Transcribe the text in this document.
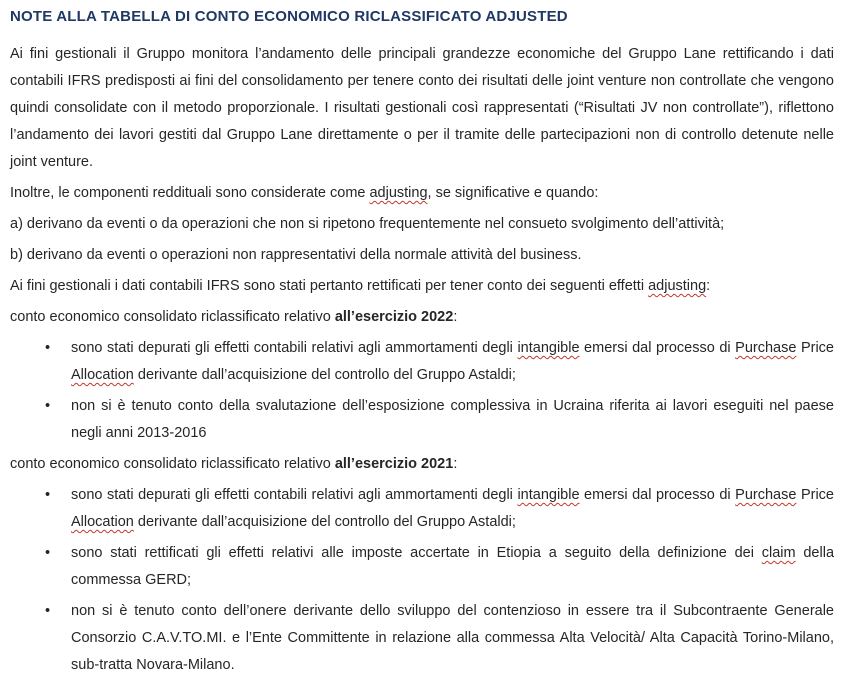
NOTE ALLA TABELLA DI CONTO ECONOMICO RICLASSIFICATO ADJUSTED

Ai fini gestionali il Gruppo monitora l’andamento delle principali grandezze economiche del Gruppo Lane rettificando i dati contabili IFRS predisposti ai fini del consolidamento per tenere conto dei risultati delle joint venture non controllate che vengono quindi consolidate con il metodo proporzionale. I risultati gestionali così rappresentati (“Risultati JV non controllate”), riflettono l’andamento dei lavori gestiti dal Gruppo Lane direttamente o per il tramite delle partecipazioni non di controllo detenute nelle joint venture.

Inoltre, le componenti reddituali sono considerate come adjusting, se significative e quando:

a) derivano da eventi o da operazioni che non si ripetono frequentemente nel consueto svolgimento dell’attività;

b) derivano da eventi o operazioni non rappresentativi della normale attività del business.

Ai fini gestionali i dati contabili IFRS sono stati pertanto rettificati per tener conto dei seguenti effetti adjusting:

conto economico consolidato riclassificato relativo all’esercizio 2022:

• sono stati depurati gli effetti contabili relativi agli ammortamenti degli intangible emersi dal processo di Purchase Price Allocation derivante dall’acquisizione del controllo del Gruppo Astaldi;
• non si è tenuto conto della svalutazione dell’esposizione complessiva in Ucraina riferita ai lavori eseguiti nel paese negli anni 2013-2016

conto economico consolidato riclassificato relativo all’esercizio 2021:

• sono stati depurati gli effetti contabili relativi agli ammortamenti degli intangible emersi dal processo di Purchase Price Allocation derivante dall’acquisizione del controllo del Gruppo Astaldi;
• sono stati rettificati gli effetti relativi alle imposte accertate in Etiopia a seguito della definizione dei claim della commessa GERD;
• non si è tenuto conto dell’onere derivante dello sviluppo del contenzioso in essere tra il Subcontraente Generale Consorzio C.A.V.TO.MI. e l’Ente Committente in relazione alla commessa Alta Velocità/ Alta Capacità Torino-Milano, sub-tratta Novara-Milano.
